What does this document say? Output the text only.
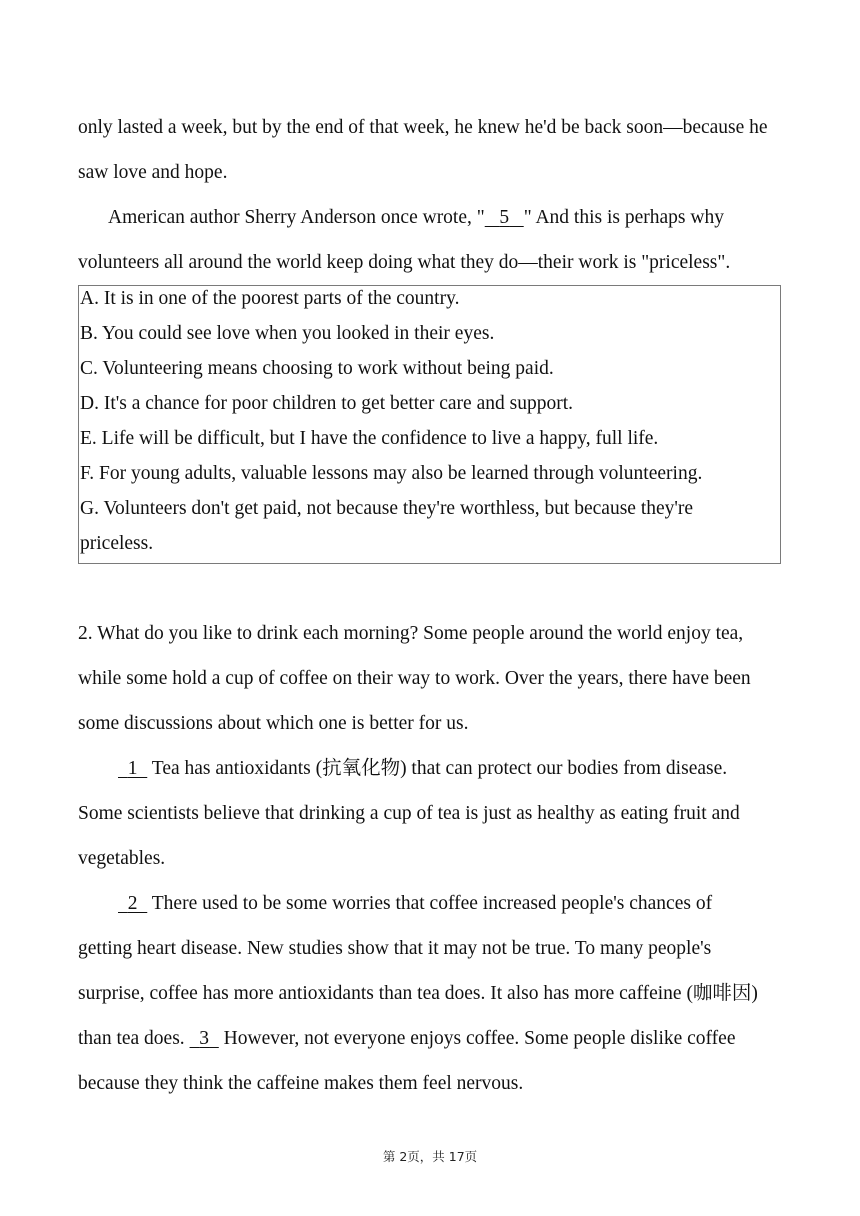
only lasted a week, but by the end of that week, he knew he'd be back soon—because he
saw love and hope.
American author Sherry Anderson once wrote, " 5 " And this is perhaps why
volunteers all around the world keep doing what they do—their work is "priceless".
A. It is in one of the poorest parts of the country.
B. You could see love when you looked in their eyes.
C. Volunteering means choosing to work without being paid.
D. It's a chance for poor children to get better care and support.
E. Life will be difficult, but I have the confidence to live a happy, full life.
F. For young adults, valuable lessons may also be learned through volunteering.
G. Volunteers don't get paid, not because they're worthless, but because they're
priceless.
2. What do you like to drink each morning? Some people around the world enjoy tea,
while some hold a cup of coffee on their way to work. Over the years, there have been
some discussions about which one is better for us.
1   Tea has antioxidants (抗氧化物) that can protect our bodies from disease.
Some scientists believe that drinking a cup of tea is just as healthy as eating fruit and
vegetables.
2   There used to be some worries that coffee increased people's chances of
getting heart disease. New studies show that it may not be true. To many people's
surprise, coffee has more antioxidants than tea does. It also has more caffeine (咖啡因)
than tea does.   3   However, not everyone enjoys coffee. Some people dislike coffee
because they think the caffeine makes them feel nervous.
第 2页，共 17页
